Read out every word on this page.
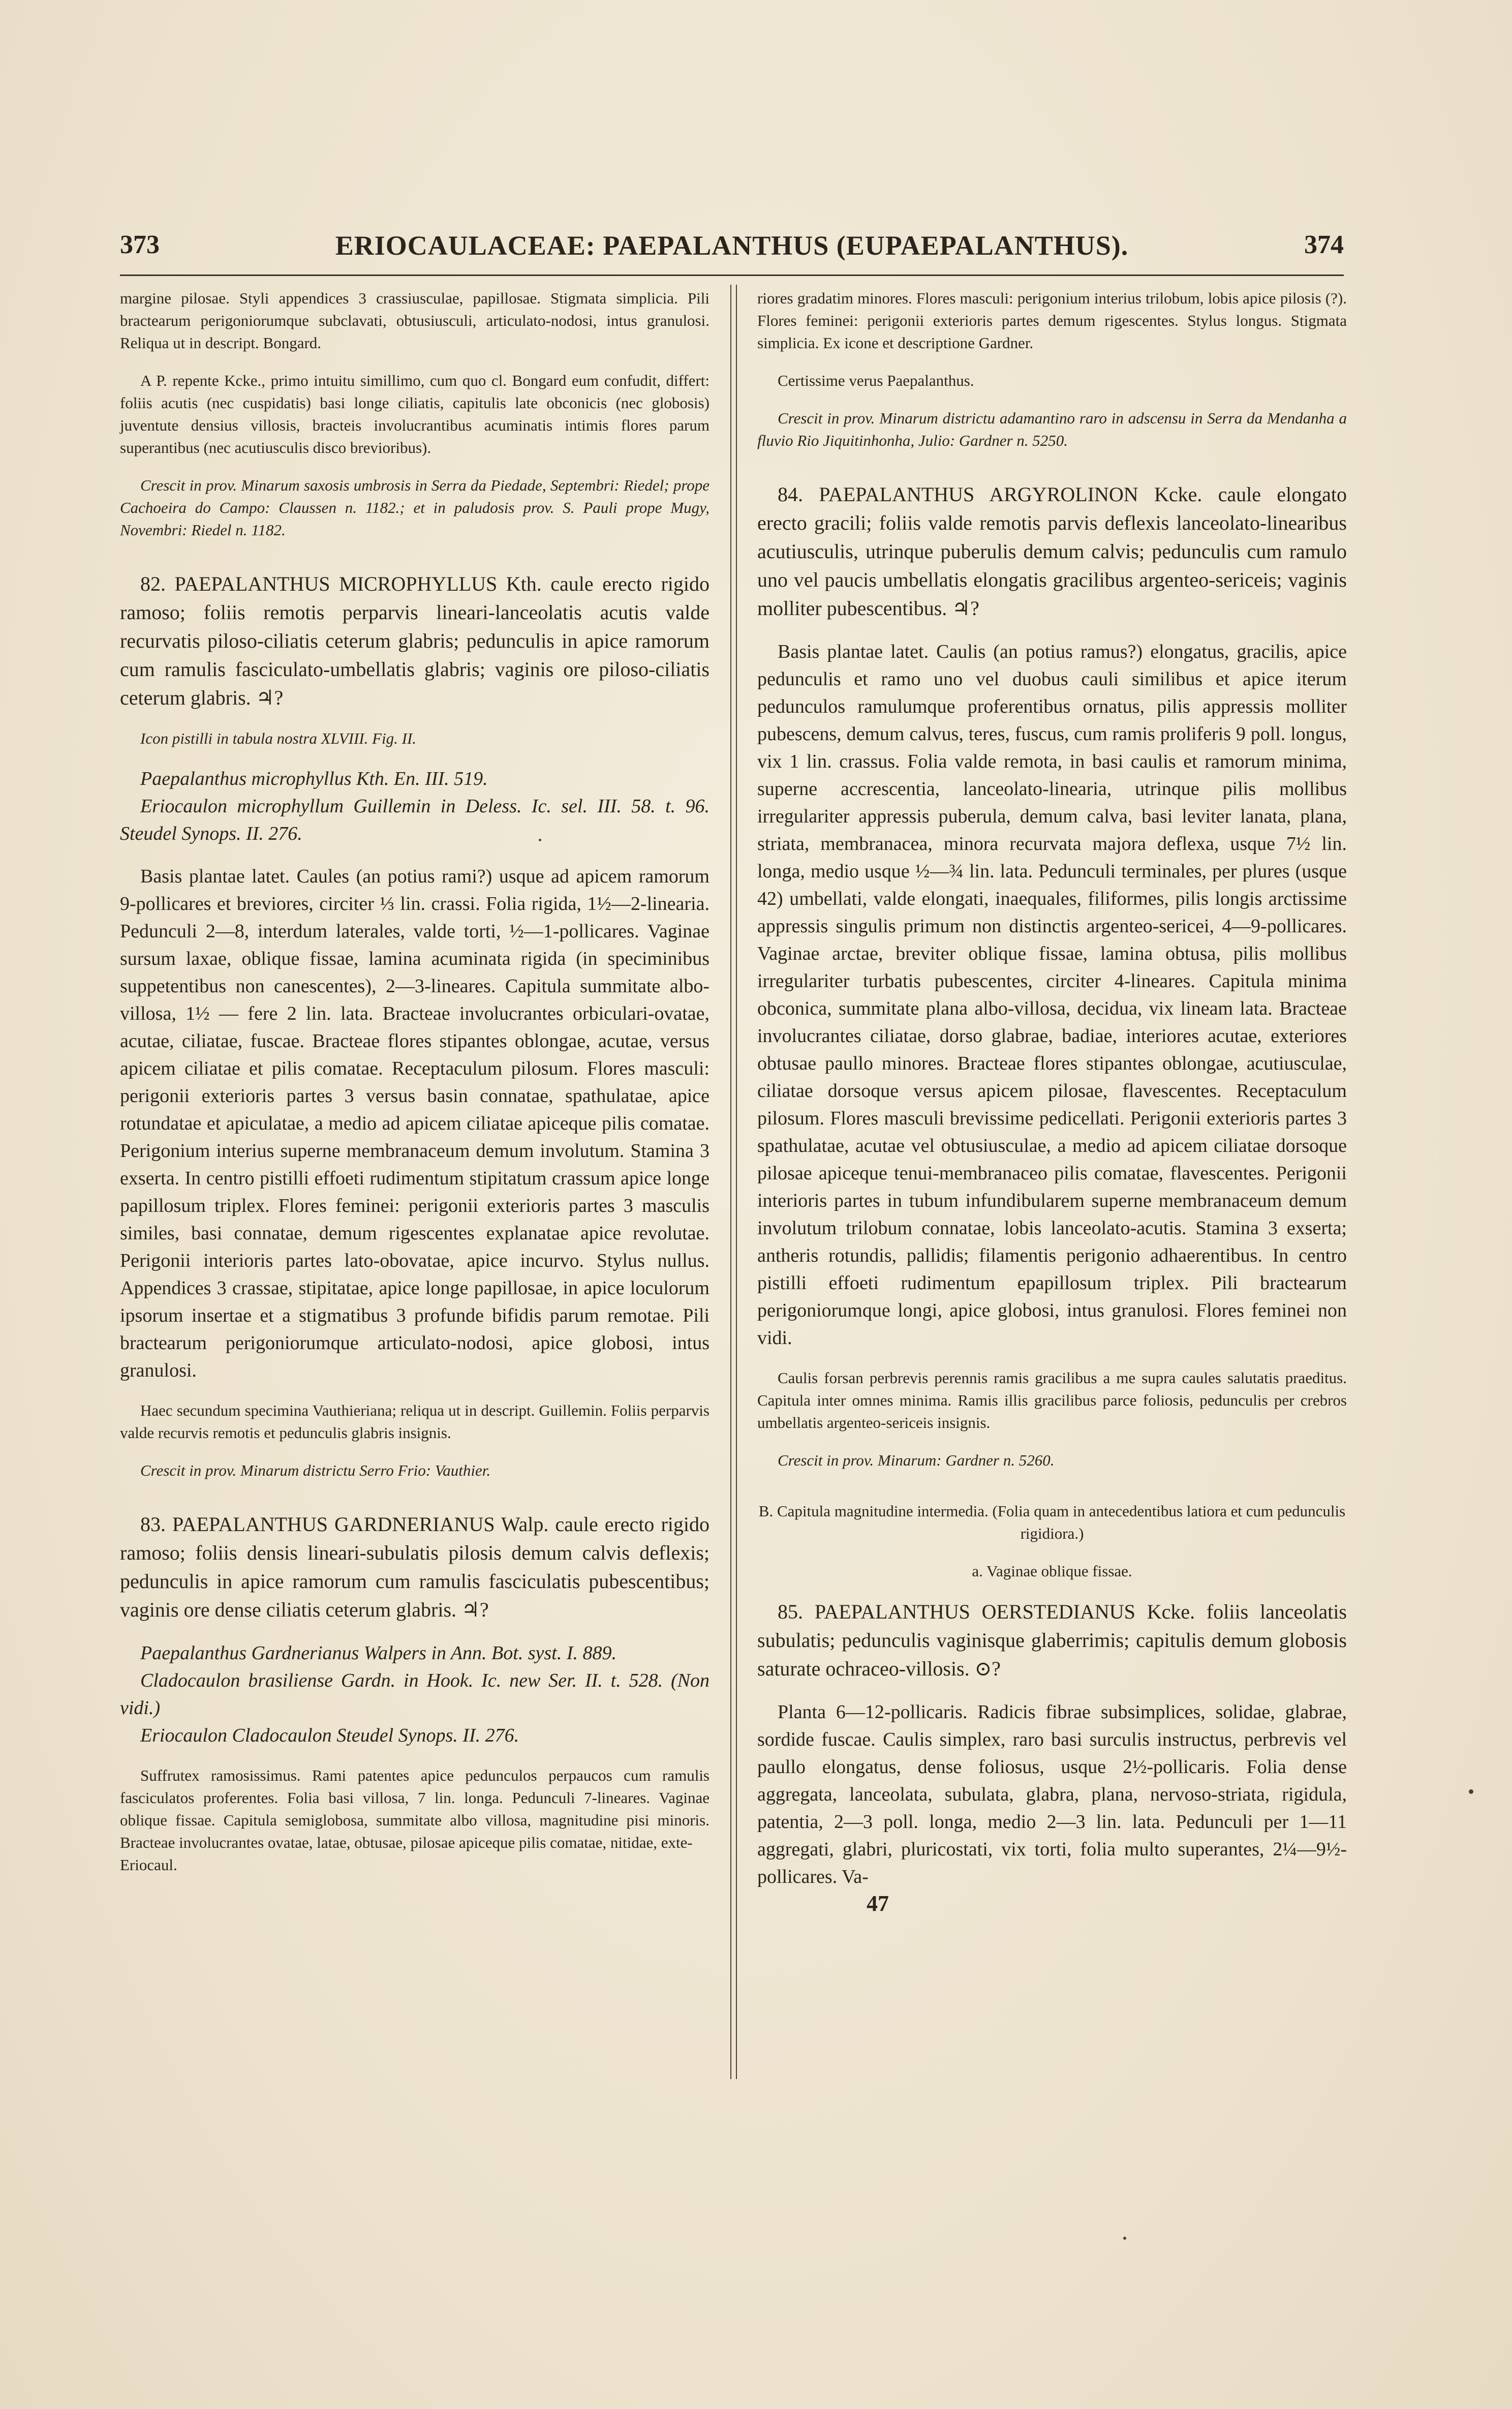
373	ERIOCAULACEAE: PAEPALANTHUS (EUPAEPALANTHUS).	374

margine pilosae. Styli appendices 3 crassiusculae, papillosae. Stigmata simplicia. Pili bractearum perigoniorumque subclavati, obtusiusculi, articulato-nodosi, intus granulosi. Reliqua ut in descript. Bongard.

A P. repente Kcke., primo intuitu simillimo, cum quo cl. Bongard eum confudit, differt: foliis acutis (nec cuspidatis) basi longe ciliatis, capitulis late obconicis (nec globosis) juventute densius villosis, bracteis involucrantibus acuminatis intimis flores parum superantibus (nec acutiusculis disco brevioribus).

Crescit in prov. Minarum saxosis umbrosis in Serra da Piedade, Septembri: Riedel; prope Cachoeira do Campo: Claussen n. 1182.; et in paludosis prov. S. Pauli prope Mugy, Novembri: Riedel n. 1182.

82. PAEPALANTHUS MICROPHYLLUS Kth. caule erecto rigido ramoso; foliis remotis perparvis lineari-lanceolatis acutis valde recurvatis piloso-ciliatis ceterum glabris; pedunculis in apice ramorum cum ramulis fasciculato-umbellatis glabris; vaginis ore piloso-ciliatis ceterum glabris. ♃?

Icon pistilli in tabula nostra XLVIII. Fig. II.

Paepalanthus microphyllus Kth. En. III. 519.

Eriocaulon microphyllum Guillemin in Deless. Ic. sel. III. 58. t. 96. Steudel Synops. II. 276.

Basis plantae latet. Caules (an potius rami?) usque ad apicem ramorum 9-pollicares et breviores, circiter ⅓ lin. crassi. Folia rigida, 1½—2-linearia. Pedunculi 2—8, interdum laterales, valde torti, ½—1-pollicares. Vaginae sursum laxae, oblique fissae, lamina acuminata rigida (in speciminibus suppetentibus non canescentes), 2—3-lineares. Capitula summitate albo-villosa, 1½ — fere 2 lin. lata. Bracteae involucrantes orbiculari-ovatae, acutae, ciliatae, fuscae. Bracteae flores stipantes oblongae, acutae, versus apicem ciliatae et pilis comatae. Receptaculum pilosum. Flores masculi: perigonii exterioris partes 3 versus basin connatae, spathulatae, apice rotundatae et apiculatae, a medio ad apicem ciliatae apiceque pilis comatae. Perigonium interius superne membranaceum demum involutum. Stamina 3 exserta. In centro pistilli effoeti rudimentum stipitatum crassum apice longe papillosum triplex. Flores feminei: perigonii exterioris partes 3 masculis similes, basi connatae, demum rigescentes explanatae apice revolutae. Perigonii interioris partes lato-obovatae, apice incurvo. Stylus nullus. Appendices 3 crassae, stipitatae, apice longe papillosae, in apice loculorum ipsorum insertae et a stigmatibus 3 profunde bifidis parum remotae. Pili bractearum perigoniorumque articulato-nodosi, apice globosi, intus granulosi.

Haec secundum specimina Vauthieriana; reliqua ut in descript. Guillemin. Foliis perparvis valde recurvis remotis et pedunculis glabris insignis.

Crescit in prov. Minarum districtu Serro Frio: Vauthier.

83. PAEPALANTHUS GARDNERIANUS Walp. caule erecto rigido ramoso; foliis densis lineari-subulatis pilosis demum calvis deflexis; pedunculis in apice ramorum cum ramulis fasciculatis pubescentibus; vaginis ore dense ciliatis ceterum glabris. ♃?

Paepalanthus Gardnerianus Walpers in Ann. Bot. syst. I. 889.

Cladocaulon brasiliense Gardn. in Hook. Ic. new Ser. II. t. 528. (Non vidi.)

Eriocaulon Cladocaulon Steudel Synops. II. 276.

Suffrutex ramosissimus. Rami patentes apice pedunculos perpaucos cum ramulis fasciculatos proferentes. Folia basi villosa, 7 lin. longa. Pedunculi 7-lineares. Vaginae oblique fissae. Capitula semiglobosa, summitate albo villosa, magnitudine pisi minoris. Bracteae involucrantes ovatae, latae, obtusae, pilosae apiceque pilis comatae, nitidae, exte-

Eriocaul.

riores gradatim minores. Flores masculi: perigonium interius trilobum, lobis apice pilosis (?). Flores feminei: perigonii exterioris partes demum rigescentes. Stylus longus. Stigmata simplicia. Ex icone et descriptione Gardner.

Certissime verus Paepalanthus.

Crescit in prov. Minarum districtu adamantino raro in adscensu in Serra da Mendanha a fluvio Rio Jiquitinhonha, Julio: Gardner n. 5250.

84. PAEPALANTHUS ARGYROLINON Kcke. caule elongato erecto gracili; foliis valde remotis parvis deflexis lanceolato-linearibus acutiusculis, utrinque puberulis demum calvis; pedunculis cum ramulo uno vel paucis umbellatis elongatis gracilibus argenteo-sericeis; vaginis molliter pubescentibus. ♃?

Basis plantae latet. Caulis (an potius ramus?) elongatus, gracilis, apice pedunculis et ramo uno vel duobus cauli similibus et apice iterum pedunculos ramulumque proferentibus ornatus, pilis appressis molliter pubescens, demum calvus, teres, fuscus, cum ramis proliferis 9 poll. longus, vix 1 lin. crassus. Folia valde remota, in basi caulis et ramorum minima, superne accrescentia, lanceolato-linearia, utrinque pilis mollibus irregulariter appressis puberula, demum calva, basi leviter lanata, plana, striata, membranacea, minora recurvata majora deflexa, usque 7½ lin. longa, medio usque ½—¾ lin. lata. Pedunculi terminales, per plures (usque 42) umbellati, valde elongati, inaequales, filiformes, pilis longis arctissime appressis singulis primum non distinctis argenteo-sericei, 4—9-pollicares. Vaginae arctae, breviter oblique fissae, lamina obtusa, pilis mollibus irregulariter turbatis pubescentes, circiter 4-lineares. Capitula minima obconica, summitate plana albo-villosa, decidua, vix lineam lata. Bracteae involucrantes ciliatae, dorso glabrae, badiae, interiores acutae, exteriores obtusae paullo minores. Bracteae flores stipantes oblongae, acutiusculae, ciliatae dorsoque versus apicem pilosae, flavescentes. Receptaculum pilosum. Flores masculi brevissime pedicellati. Perigonii exterioris partes 3 spathulatae, acutae vel obtusiusculae, a medio ad apicem ciliatae dorsoque pilosae apiceque tenui-membranaceo pilis comatae, flavescentes. Perigonii interioris partes in tubum infundibularem superne membranaceum demum involutum trilobum connatae, lobis lanceolato-acutis. Stamina 3 exserta; antheris rotundis, pallidis; filamentis perigonio adhaerentibus. In centro pistilli effoeti rudimentum epapillosum triplex. Pili bractearum perigoniorumque longi, apice globosi, intus granulosi. Flores feminei non vidi.

Caulis forsan perbrevis perennis ramis gracilibus a me supra caules salutatis praeditus. Capitula inter omnes minima. Ramis illis gracilibus parce foliosis, pedunculis per crebros umbellatis argenteo-sericeis insignis.

Crescit in prov. Minarum: Gardner n. 5260.

B. Capitula magnitudine intermedia. (Folia quam in antecedentibus latiora et cum pedunculis rigidiora.)

a. Vaginae oblique fissae.

85. PAEPALANTHUS OERSTEDIANUS Kcke. foliis lanceolatis subulatis; pedunculis vaginisque glaberrimis; capitulis demum globosis saturate ochraceo-villosis. ⊙?

Planta 6—12-pollicaris. Radicis fibrae subsimplices, solidae, glabrae, sordide fuscae. Caulis simplex, raro basi surculis instructus, perbrevis vel paullo elongatus, dense foliosus, usque 2½-pollicaris. Folia dense aggregata, lanceolata, subulata, glabra, plana, nervoso-striata, rigidula, patentia, 2—3 poll. longa, medio 2—3 lin. lata. Pedunculi per 1—11 aggregati, glabri, pluricostati, vix torti, folia multo superantes, 2¼—9½-pollicares. Va-

47
